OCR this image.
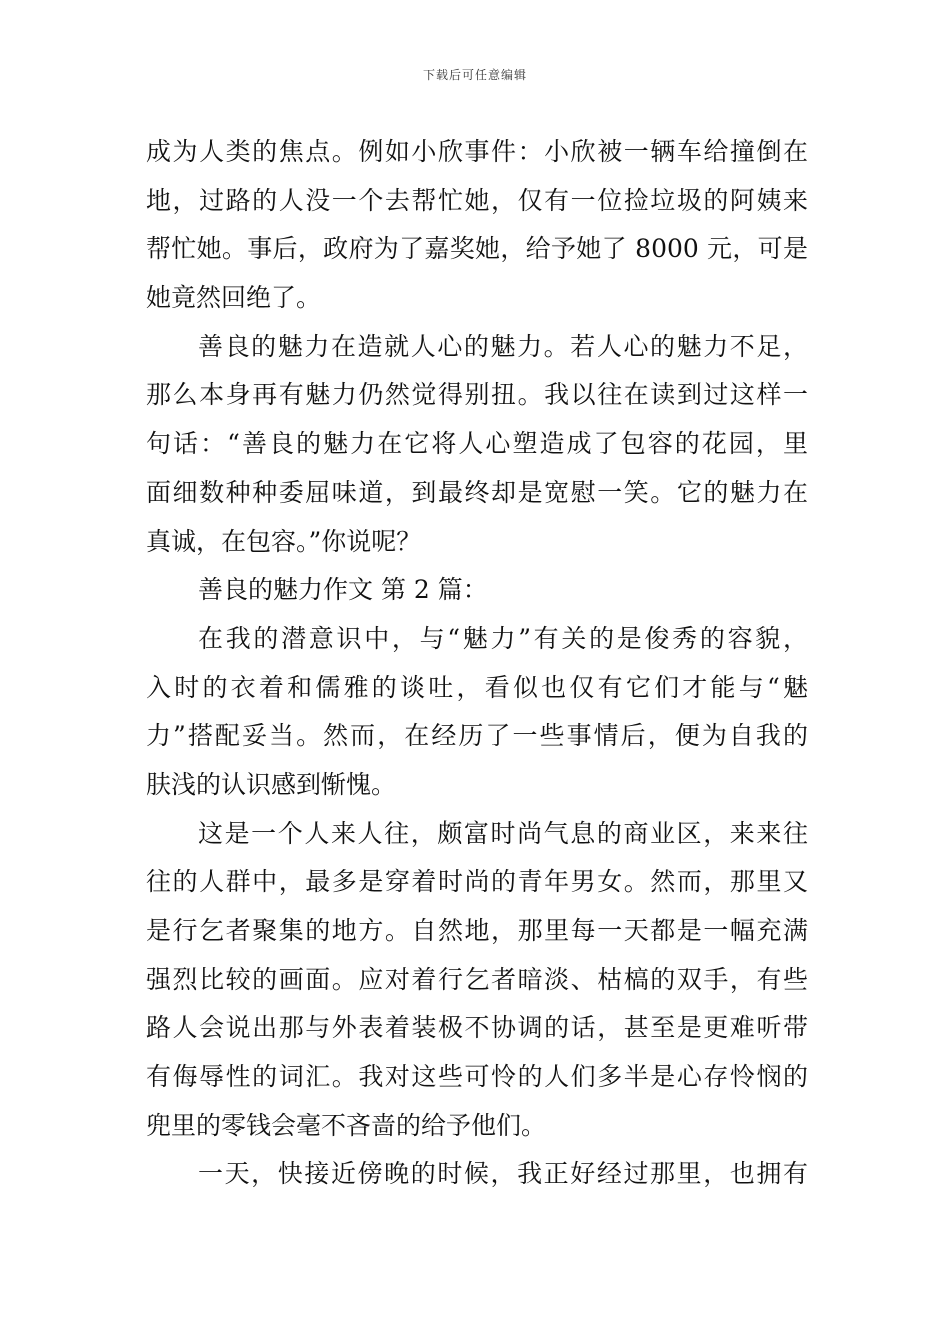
下载后可任意编辑
成为人类的焦点。例如小欣事件：小欣被一辆车给撞倒在
地，过路的人没一个去帮忙她，仅有一位捡垃圾的阿姨来
帮忙她。事后，政府为了嘉奖她，给予她了 8000 元，可是
她竟然回绝了。
善良的魅力在造就人心的魅力。若人心的魅力不足，
那么本身再有魅力仍然觉得别扭。我以往在读到过这样一
句话：“善良的魅力在它将人心塑造成了包容的花园，里
面细数种种委屈味道，到最终却是宽慰一笑。它的魅力在
真诚，在包容。”你说呢？
善良的魅力作文 第 2 篇：
在我的潜意识中，与“魅力”有关的是俊秀的容貌，
入时的衣着和儒雅的谈吐，看似也仅有它们才能与“魅
力”搭配妥当。然而，在经历了一些事情后，便为自我的
肤浅的认识感到惭愧。
这是一个人来人往，颇富时尚气息的商业区，来来往
往的人群中，最多是穿着时尚的青年男女。然而，那里又
是行乞者聚集的地方。自然地，那里每一天都是一幅充满
强烈比较的画面。应对着行乞者暗淡、枯槁的双手，有些
路人会说出那与外表着装极不协调的话，甚至是更难听带
有侮辱性的词汇。我对这些可怜的人们多半是心存怜悯的
兜里的零钱会毫不吝啬的给予他们。
一天，快接近傍晚的时候，我正好经过那里，也拥有
